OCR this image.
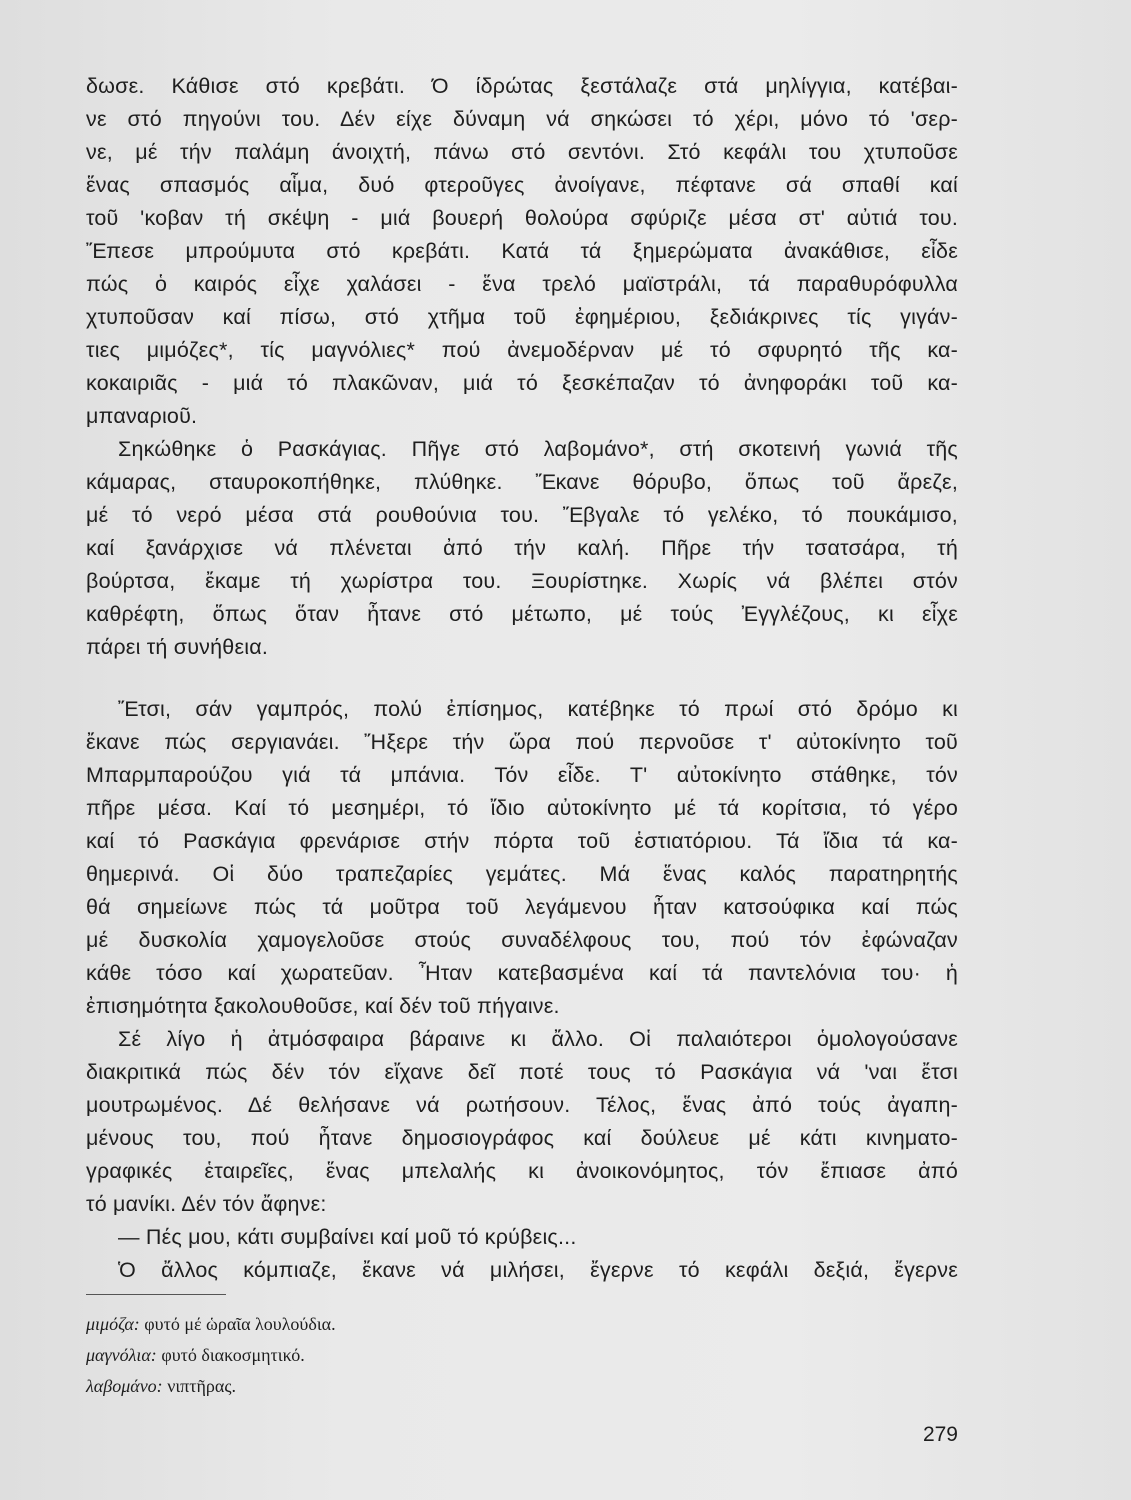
δωσε. Κάθισε στό κρεβάτι. Ό ίδρώτας ξεστάλαζε στά μηλίγγια, κατέβαι-
νε στό πηγούνι του. Δέν είχε δύναμη νά σηκώσει τό χέρι, μόνο τό 'σερ-
νε, μέ τήν παλάμη άνοιχτή, πάνω στό σεντόνι. Στό κεφάλι του χτυποῦσε
ἕνας σπασμός αἷμα, δυό φτεροῦγες ἀνοίγανε, πέφτανε σά σπαθί καί
τοῦ 'κοβαν τή σκέψη - μιά βουερή θολούρα σφύριζε μέσα στ' αὐτιά του.
Ἔπεσε μπρούμυτα στό κρεβάτι. Κατά τά ξημερώματα ἀνακάθισε, εἶδε
πώς ὁ καιρός εἶχε χαλάσει - ἕνα τρελό μαϊστράλι, τά παραθυρόφυλλα
χτυποῦσαν καί πίσω, στό χτῆμα τοῦ ἐφημέριου, ξεδιάκρινες τίς γιγάν-
τιες μιμόζες*, τίς μαγνόλιες* πού ἀνεμοδέρναν μέ τό σφυρητό τῆς κα-
κοκαιριᾶς - μιά τό πλακῶναν, μιά τό ξεσκέπαζαν τό ἀνηφοράκι τοῦ κα-
μπαναριοῦ.
Σηκώθηκε ὁ Ρασκάγιας. Πῆγε στό λαβομάνο*, στή σκοτεινή γωνιά τῆς
κάμαρας, σταυροκοπήθηκε, πλύθηκε. Ἔκανε θόρυβο, ὅπως τοῦ ἄρεζε,
μέ τό νερό μέσα στά ρουθούνια του. Ἔβγαλε τό γελέκο, τό πουκάμισο,
καί ξανάρχισε νά πλένεται ἀπό τήν καλή. Πῆρε τήν τσατσάρα, τή
βούρτσα, ἔκαμε τή χωρίστρα του. Ξουρίστηκε. Χωρίς νά βλέπει στόν
καθρέφτη, ὅπως ὅταν ἦτανε στό μέτωπο, μέ τούς Ἐγγλέζους, κι εἶχε
πάρει τή συνήθεια.
Ἔτσι, σάν γαμπρός, πολύ ἐπίσημος, κατέβηκε τό πρωί στό δρόμο κι
ἔκανε πώς σεργιανάει. Ἤξερε τήν ὥρα πού περνοῦσε τ' αὐτοκίνητο τοῦ
Μπαρμπαρούζου γιά τά μπάνια. Τόν εἶδε. Τ' αὐτοκίνητο στάθηκε, τόν
πῆρε μέσα. Καί τό μεσημέρι, τό ἴδιο αὐτοκίνητο μέ τά κορίτσια, τό γέρο
καί τό Ρασκάγια φρενάρισε στήν πόρτα τοῦ ἑστιατόριου. Τά ἴδια τά κα-
θημερινά. Οἱ δύο τραπεζαρίες γεμάτες. Μά ἕνας καλός παρατηρητής
θά σημείωνε πώς τά μοῦτρα τοῦ λεγάμενου ἦταν κατσούφικα καί πώς
μέ δυσκολία χαμογελοῦσε στούς συναδέλφους του, πού τόν ἐφώναζαν
κάθε τόσο καί χωρατεῦαν. Ἦταν κατεβασμένα καί τά παντελόνια του· ἡ
ἐπισημότητα ξακολουθοῦσε, καί δέν τοῦ πήγαινε.
Σέ λίγο ἡ ἀτμόσφαιρα βάραινε κι ἄλλο. Οἱ παλαιότεροι ὁμολογούσανε
διακριτικά πώς δέν τόν εἴχανε δεῖ ποτέ τους τό Ρασκάγια νά 'ναι ἔτσι
μουτρωμένος. Δέ θελήσανε νά ρωτήσουν. Τέλος, ἕνας ἀπό τούς ἀγαπη-
μένους του, πού ἦτανε δημοσιογράφος καί δούλευε μέ κάτι κινηματο-
γραφικές ἑταιρεῖες, ἕνας μπελαλής κι ἀνοικονόμητος, τόν ἔπιασε ἀπό
τό μανίκι. Δέν τόν ἄφηνε:
— Πές μου, κάτι συμβαίνει καί μοῦ τό κρύβεις...
Ὁ ἄλλος κόμπιαζε, ἔκανε νά μιλήσει, ἔγερνε τό κεφάλι δεξιά, ἔγερνε
μιμόζα: φυτό μέ ὡραῖα λουλούδια.
μαγνόλια: φυτό διακοσμητικό.
λαβομάνο: νιπτῆρας.
279
